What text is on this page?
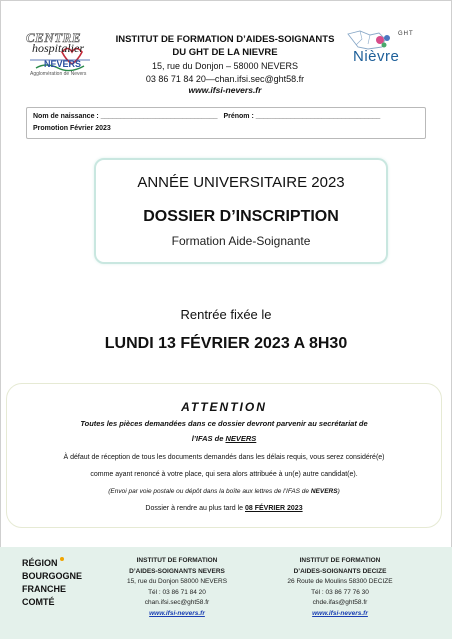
CENTRE
hospitalier
NEVERS
Agglomération de Nevers
INSTITUT DE FORMATION D’AIDES-SOIGNANTS
DU GHT DE LA NIEVRE
15, rue du Donjon – 58000 NEVERS
03 86 71 84 20—chan.ifsi.sec@ght58.fr
www.ifsi-nevers.fr
GHT
Nièvre
Nom de naissance : ______________________________ Prénom : ________________________________
Promotion Février 2023
ANNÉE UNIVERSITAIRE 2023
DOSSIER D’INSCRIPTION
Formation Aide-Soignante
Rentrée fixée le
LUNDI 13 FÉVRIER 2023 A 8H30
ATTENTION
Toutes les pièces demandées dans ce dossier devront parvenir au secrétariat de
l’IFAS de NEVERS
À défaut de réception de tous les documents demandés dans les délais requis, vous serez considéré(e)
comme ayant renoncé à votre place, qui sera alors attribuée à un(e) autre candidat(e).
(Envoi par voie postale ou dépôt dans la boîte aux lettres de l’IFAS de NEVERS)
Dossier à rendre au plus tard le 08 FÉVRIER 2023
RÉGION
BOURGOGNE
FRANCHE
COMTÉ
INSTITUT DE FORMATION
D’AIDES-SOIGNANTS NEVERS
15, rue du Donjon 58000 NEVERS
Tél : 03 86 71 84 20
chan.ifsi.sec@ght58.fr
www.ifsi-nevers.fr
INSTITUT DE FORMATION
D’AIDES-SOIGNANTS DECIZE
26 Route de Moulins 58300 DECIZE
Tél : 03 86 77 76 30
chde.ifas@ght58.fr
www.ifsi-nevers.fr
